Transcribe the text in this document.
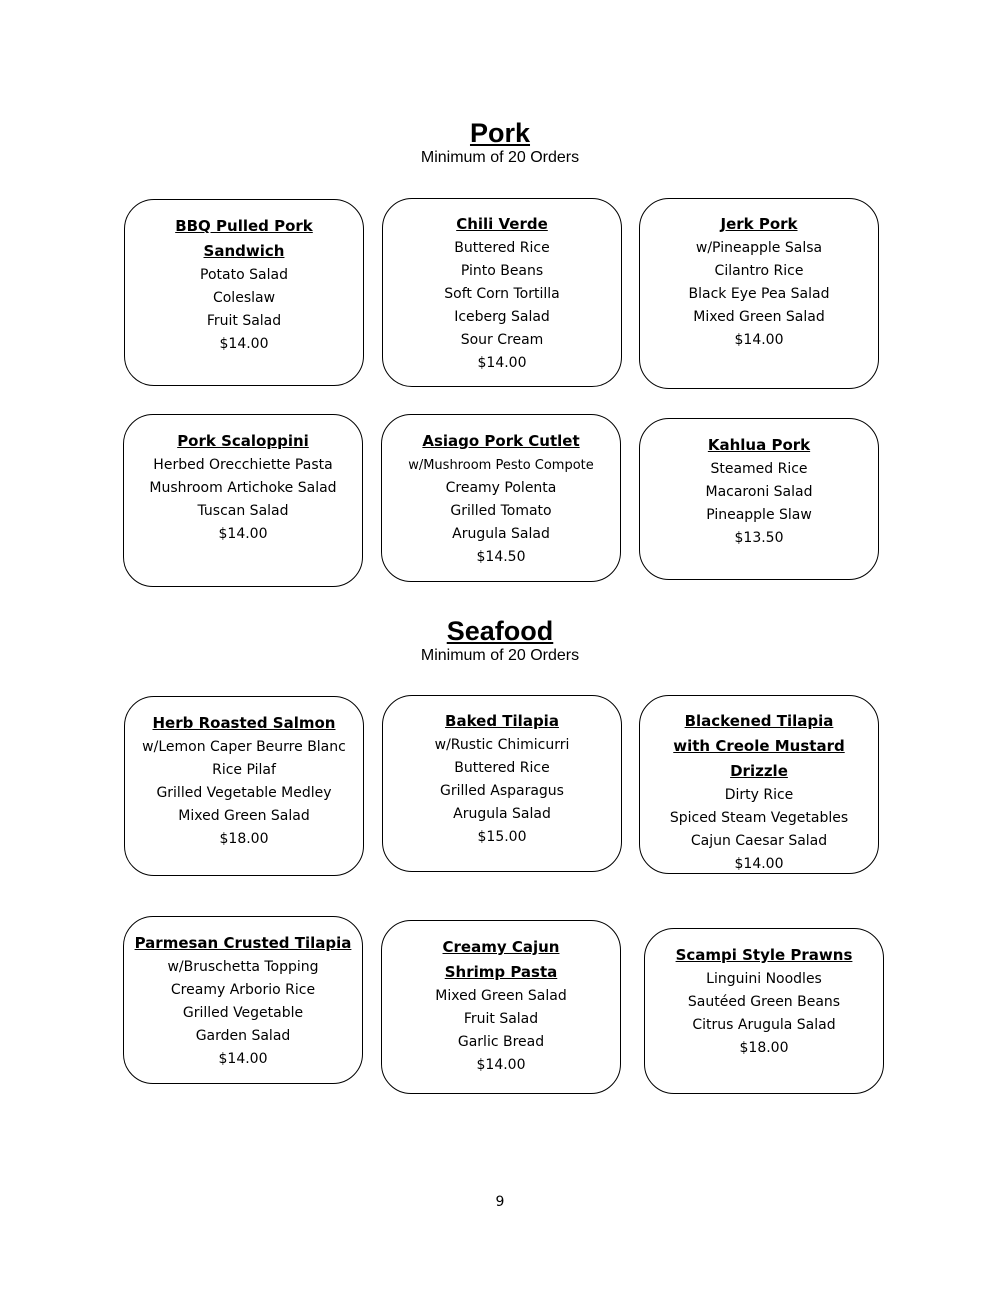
Pork
Minimum of 20 Orders
BBQ Pulled Pork Sandwich
Potato Salad
Coleslaw
Fruit Salad
$14.00
Chili Verde
Buttered Rice
Pinto Beans
Soft Corn Tortilla
Iceberg Salad
Sour Cream
$14.00
Jerk Pork
w/Pineapple Salsa
Cilantro Rice
Black Eye Pea Salad
Mixed Green Salad
$14.00
Pork Scaloppini
Herbed Orecchiette Pasta
Mushroom Artichoke Salad
Tuscan Salad
$14.00
Asiago Pork Cutlet
w/Mushroom Pesto Compote
Creamy Polenta
Grilled Tomato
Arugula Salad
$14.50
Kahlua Pork
Steamed Rice
Macaroni Salad
Pineapple Slaw
$13.50
Seafood
Minimum of 20 Orders
Herb Roasted Salmon
w/Lemon Caper Beurre Blanc
Rice Pilaf
Grilled Vegetable Medley
Mixed Green Salad
$18.00
Baked Tilapia
w/Rustic Chimicurri
Buttered Rice
Grilled Asparagus
Arugula Salad
$15.00
Blackened Tilapia with Creole Mustard Drizzle
Dirty Rice
Spiced Steam Vegetables
Cajun Caesar Salad
$14.00
Parmesan Crusted Tilapia
w/Bruschetta Topping
Creamy Arborio Rice
Grilled Vegetable
Garden Salad
$14.00
Creamy Cajun Shrimp Pasta
Mixed Green Salad
Fruit Salad
Garlic Bread
$14.00
Scampi Style Prawns
Linguini Noodles
Sautéed Green Beans
Citrus Arugula Salad
$18.00
9
